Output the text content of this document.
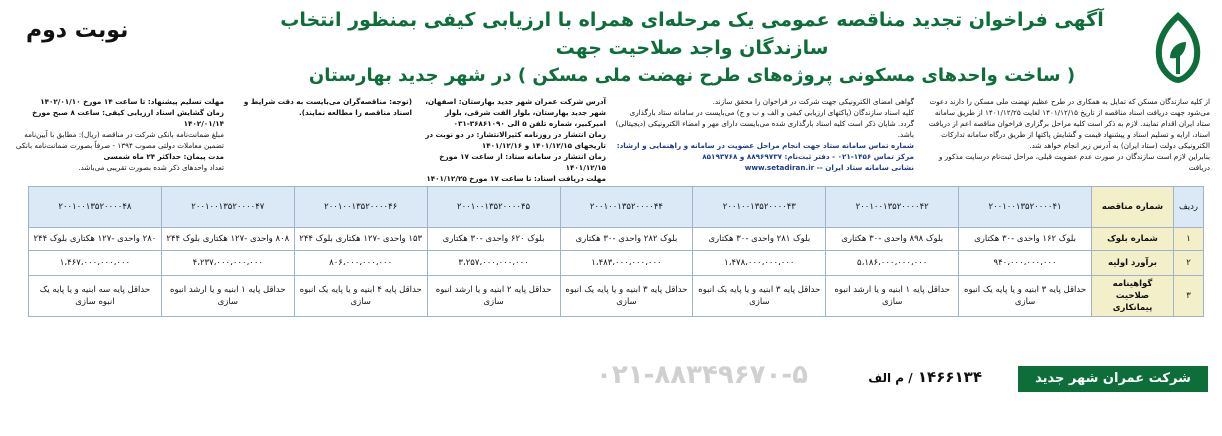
آگهی فراخوان تجدید مناقصه عمومی یک مرحله‌ای همراه با ارزیابی کیفی بمنظور انتخاب سازندگان واجد صلاحیت جهت
( ساخت واحدهای مسکونی پروژه‌های طرح نهضت ملی مسکن ) در شهر جدید بهارستان
نوبت دوم

از کلیه سازندگان مسکن که تمایل به همکاری در طرح عظیم نهضت ملی مسکن را دارند دعوت می‌شود جهت دریافت اسناد مناقصه از تاریخ ۱۴۰۱/۱۲/۱۵ لغایت ۱۴۰۱/۱۲/۲۵ از طریق سامانه ستاد ایران اقدام نمایند. لازم به ذکر است کلیه مراحل برگزاری فراخوان مناقصه اعم از دریافت اسناد، ارایه و تسلیم اسناد و پیشنهاد قیمت و گشایش پاکتها از طریق درگاه سامانه تدارکات الکترونیکی دولت (ستاد ایران) به آدرس زیر انجام خواهد شد.

بنابراین لازم است سازندگان در صورت عدم عضویت قبلی، مراحل ثبت‌نام درسایت مذکور و دریافت

گواهی امضای الکترونیکی جهت شرکت در فراخوان را محقق سازند.

کلیه اسناد سازندگان (پاکتهای ارزیابی کیفی و الف و ب و ج) می‌بایست در سامانه ستاد بارگذاری گردد. شایان ذکر است کلیه اسناد بارگذاری شده می‌بایست دارای مهر و امضاء الکترونیکی (دیجیتالی) باشد.

شماره تماس سامانه ستاد جهت انجام مراحل عضویت در سامانه و راهنمایی و ارشاد:

مرکز تماس ۱۴۵۶-۰۲۱ - دفتر ثبت‌نام: ۸۸۹۶۹۷۳۷ و ۸۵۱۹۳۷۶۸

نشانی سامانه ستاد ایران -- www.setadiran.ir

آدرس شرکت عمران شهر جدید بهارستان: اصفهان، شهر جدید بهارستان، بلوار الفت شرقی، بلوار امیرکبیر، شماره تلفن ۵ الی ۳۶۸۶۱۰۹۰-۰۳۱

زمان انتشار در روزنامه کثیرالانتشار: در دو نوبت در تاریخهای ۱۴۰۱/۱۲/۱۵ و ۱۴۰۱/۱۲/۱۶

زمان انتشار در سامانه ستاد: از ساعت ۱۷ مورخ ۱۴۰۱/۱۲/۱۵

مهلت دریافت اسناد: تا ساعت ۱۷ مورخ ۱۴۰۱/۱۲/۲۵

(توجه: مناقصه‌گران می‌بایست به دقت شرایط و اسناد مناقصه را مطالعه نمایند).

مهلت تسلیم پیشنهاد: تا ساعت ۱۴ مورخ ۱۴۰۲/۰۱/۱۰

زمان گشایش اسناد ارزیابی کیفی: ساعت ۸ صبح مورخ ۱۴۰۲/۰۱/۱۴

مبلغ ضمانت‌نامه بانکی شرکت در مناقصه (ریال): مطابق با آیین‌نامه تضمین معاملات دولتی مصوب ۱۳۹۴ - صرفاً بصورت ضمانت‌نامه بانکی

مدت پیمان: حداکثر ۲۴ ماه شمسی

تعداد واحدهای ذکر شده بصورت تقریبی می‌باشد.

ردیف	شماره مناقصه	۲۰۰۱۰۰۱۳۵۲۰۰۰۰۴۱	۲۰۰۱۰۰۱۳۵۲۰۰۰۰۴۲	۲۰۰۱۰۰۱۳۵۲۰۰۰۰۴۳	۲۰۰۱۰۰۱۳۵۲۰۰۰۰۴۴	۲۰۰۱۰۰۱۳۵۲۰۰۰۰۴۵	۲۰۰۱۰۰۱۳۵۲۰۰۰۰۴۶	۲۰۰۱۰۰۱۳۵۲۰۰۰۰۴۷	۲۰۰۱۰۰۱۳۵۲۰۰۰۰۴۸
۱	شماره بلوک	بلوک ۱۶۲ واحدی -۳۰ هکتاری	بلوک ۸۹۸ واحدی -۳۰ هکتاری	بلوک ۲۸۱ واحدی -۳۰ هکتاری	بلوک ۲۸۲ واحدی -۳۰ هکتاری	بلوک ۶۲۰ واحدی -۳۰ هکتاری	۱۵۳ واحدی -۱۲۷ هکتاری بلوک ۲۴۴	۸۰۸ واحدی -۱۲۷ هکتاری بلوک ۲۴۴	۲۸۰ واحدی -۱۲۷ هکتاری بلوک ۲۴۴
۲	برآورد اولیه	۹۴۰،۰۰۰،۰۰۰،۰۰۰	۵،۱۸۶،۰۰۰،۰۰۰،۰۰۰	۱،۴۷۸،۰۰۰،۰۰۰،۰۰۰	۱،۴۸۳،۰۰۰،۰۰۰،۰۰۰	۳،۲۵۷،۰۰۰،۰۰۰،۰۰۰	۸۰۶،۰۰۰،۰۰۰،۰۰۰	۴،۲۳۷،۰۰۰،۰۰۰،۰۰۰	۱،۴۶۷،۰۰۰،۰۰۰،۰۰۰
۳	گواهینامه صلاحیت پیمانکاری	حداقل پایه ۳ ابنیه و یا پایه یک انبوه سازی	حداقل پایه ۱ ابنیه و یا ارشد انبوه سازی	حداقل پایه ۳ ابنیه و یا پایه یک انبوه سازی	حداقل پایه ۳ ابنیه و یا پایه یک انبوه سازی	حداقل پایه ۲ ابنیه و یا ارشد انبوه سازی	حداقل پایه ۴ ابنیه و یا پایه یک انبوه سازی	حداقل پایه ۱ ابنیه و یا ارشد انبوه سازی	حداقل پایه سه ابنیه و یا پایه یک انبوه سازی
شرکت عمران شهر جدید بهارستان
۱۴۶۶۱۳۴ / م الف
۰۲۱-۸۸۳۴۹۶۷۰-۵
